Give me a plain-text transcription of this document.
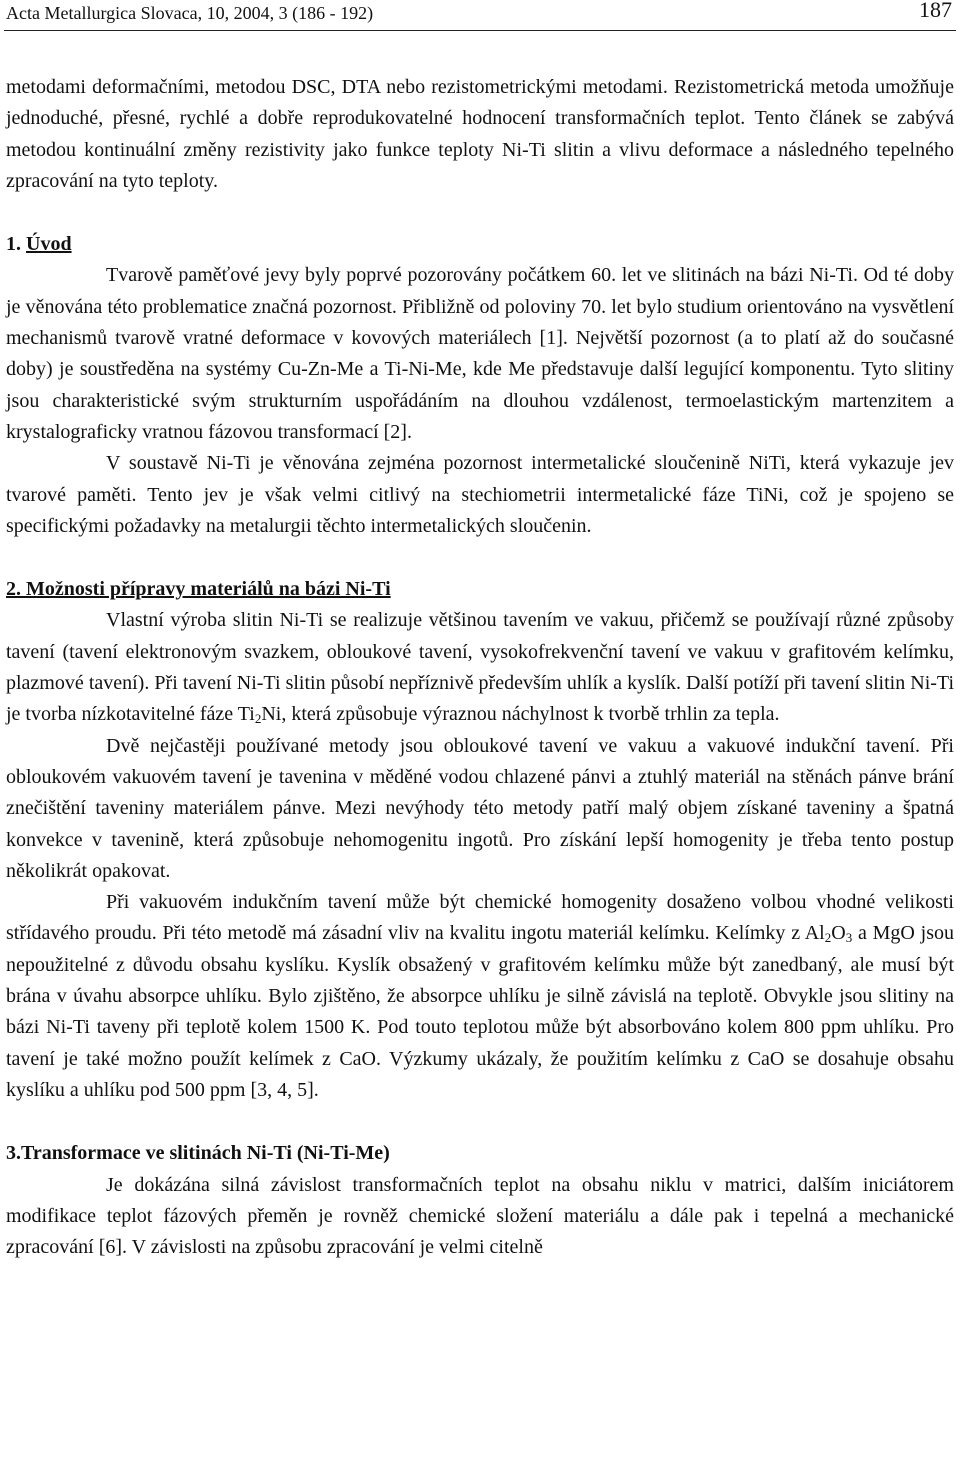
Acta Metallurgica Slovaca, 10, 2004, 3 (186 - 192)	187

metodami deformačními, metodou DSC, DTA nebo rezistometrickými metodami. Rezistometrická metoda umožňuje jednoduché, přesné, rychlé a dobře reprodukovatelné hodnocení transformačních teplot. Tento článek se zabývá metodou kontinuální změny rezistivity jako funkce teploty Ni-Ti slitin a vlivu deformace a následného tepelného zpracování na tyto teploty.

1. Úvod

Tvarově paměťové jevy byly poprvé pozorovány počátkem 60. let ve slitinách na bázi Ni-Ti. Od té doby je věnována této problematice značná pozornost. Přibližně od poloviny 70. let bylo studium orientováno na vysvětlení mechanismů tvarově vratné deformace v kovových materiálech [1]. Největší pozornost (a to platí až do současné doby) je soustředěna na systémy Cu-Zn-Me a Ti-Ni-Me, kde Me představuje další legující komponentu. Tyto slitiny jsou charakteristické svým strukturním uspořádáním na dlouhou vzdálenost, termoelastickým martenzitem a krystalograficky vratnou fázovou transformací [2].

V soustavě Ni-Ti je věnována zejména pozornost intermetalické sloučenině NiTi, která vykazuje jev tvarové paměti. Tento jev je však velmi citlivý na stechiometrii intermetalické fáze TiNi, což je spojeno se specifickými požadavky na metalurgii těchto intermetalických sloučenin.

2. Možnosti přípravy materiálů na bázi Ni-Ti

Vlastní výroba slitin Ni-Ti se realizuje většinou tavením ve vakuu, přičemž se používají různé způsoby tavení (tavení elektronovým svazkem, obloukové tavení, vysokofrekvenční tavení ve vakuu v grafitovém kelímku, plazmové tavení). Při tavení Ni-Ti slitin působí nepříznivě především uhlík a kyslík. Další potíží při tavení slitin Ni-Ti je tvorba nízkotavitelné fáze $Ti_2Ni$, která způsobuje výraznou náchylnost k tvorbě trhlin za tepla.

Dvě nejčastěji používané metody jsou obloukové tavení ve vakuu a vakuové indukční tavení. Při obloukovém vakuovém tavení je tavenina v měděné vodou chlazené pánvi a ztuhlý materiál na stěnách pánve brání znečištění taveniny materiálem pánve. Mezi nevýhody této metody patří malý objem získané taveniny a špatná konvekce v tavenině, která způsobuje nehomogenitu ingotů. Pro získání lepší homogenity je třeba tento postup několikrát opakovat.

Při vakuovém indukčním tavení může být chemické homogenity dosaženo volbou vhodné velikosti střídavého proudu. Při této metodě má zásadní vliv na kvalitu ingotu materiál kelímku. Kelímky z $Al_2O_3$ a MgO jsou nepoužitelné z důvodu obsahu kyslíku. Kyslík obsažený v grafitovém kelímku může být zanedbaný, ale musí být brána v úvahu absorpce uhlíku. Bylo zjištěno, že absorpce uhlíku je silně závislá na teplotě. Obvykle jsou slitiny na bázi Ni-Ti taveny při teplotě kolem 1500 K. Pod touto teplotou může být absorbováno kolem 800 ppm uhlíku. Pro tavení je také možno použít kelímek z CaO. Výzkumy ukázaly, že použitím kelímku z CaO se dosahuje obsahu kyslíku a uhlíku pod 500 ppm [3, 4, 5].

3.Transformace ve slitinách Ni-Ti (Ni-Ti-Me)

Je dokázána silná závislost transformačních teplot na obsahu niklu v matrici, dalším iniciátorem modifikace teplot fázových přeměn je rovněž chemické složení materiálu a dále pak i tepelná a mechanické zpracování [6]. V závislosti na způsobu zpracování je velmi citelně
